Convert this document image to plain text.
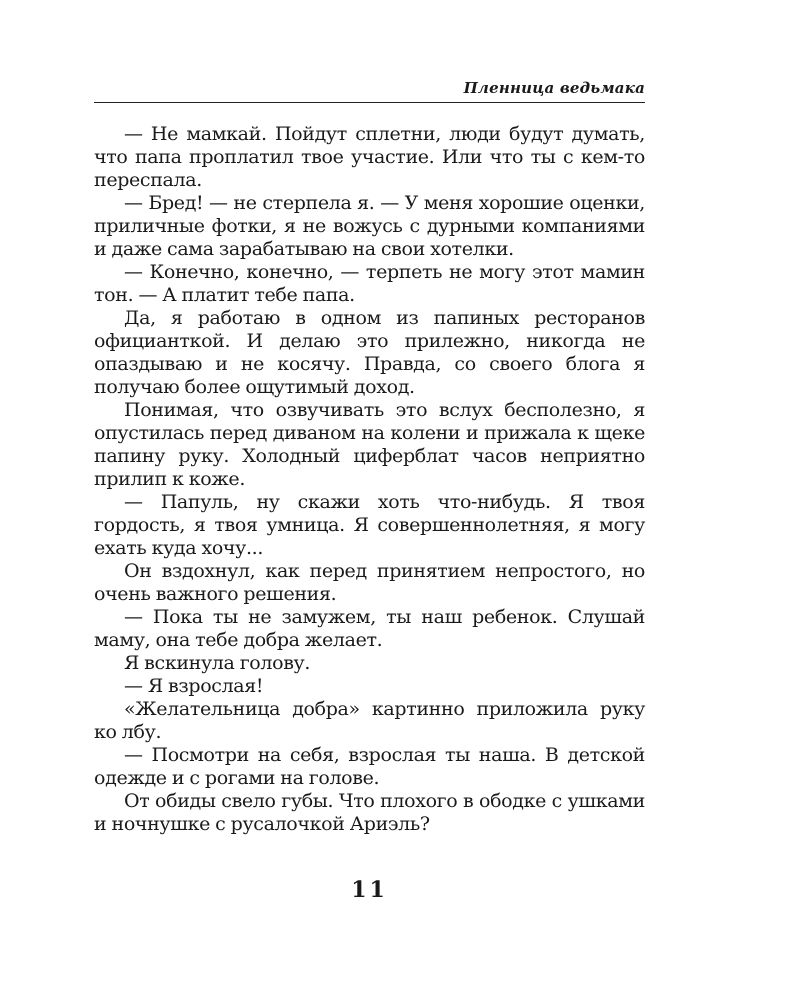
Пленница ведьмака

— Не мамкай. Пойдут сплетни, люди будут думать, что папа проплатил твое участие. Или что ты с кем-то переспала.

— Бред! — не стерпела я. — У меня хорошие оценки, приличные фотки, я не вожусь с дурными компаниями и даже сама зарабатываю на свои хотелки.

— Конечно, конечно, — терпеть не могу этот мамин тон. — А платит тебе папа.

Да, я работаю в одном из папиных ресторанов официанткой. И делаю это прилежно, никогда не опаздываю и не косячу. Правда, со своего блога я получаю более ощутимый доход.

Понимая, что озвучивать это вслух бесполезно, я опустилась перед диваном на колени и прижала к щеке папину руку. Холодный циферблат часов неприятно прилип к коже.

— Папуль, ну скажи хоть что-нибудь. Я твоя гордость, я твоя умница. Я совершеннолетняя, я могу ехать куда хочу...

Он вздохнул, как перед принятием непростого, но очень важного решения.

— Пока ты не замужем, ты наш ребенок. Слушай маму, она тебе добра желает.

Я вскинула голову.

— Я взрослая!

«Желательница добра» картинно приложила руку ко лбу.

— Посмотри на себя, взрослая ты наша. В детской одежде и с рогами на голове.

От обиды свело губы. Что плохого в ободке с ушками и ночнушке с русалочкой Ариэль?

11
